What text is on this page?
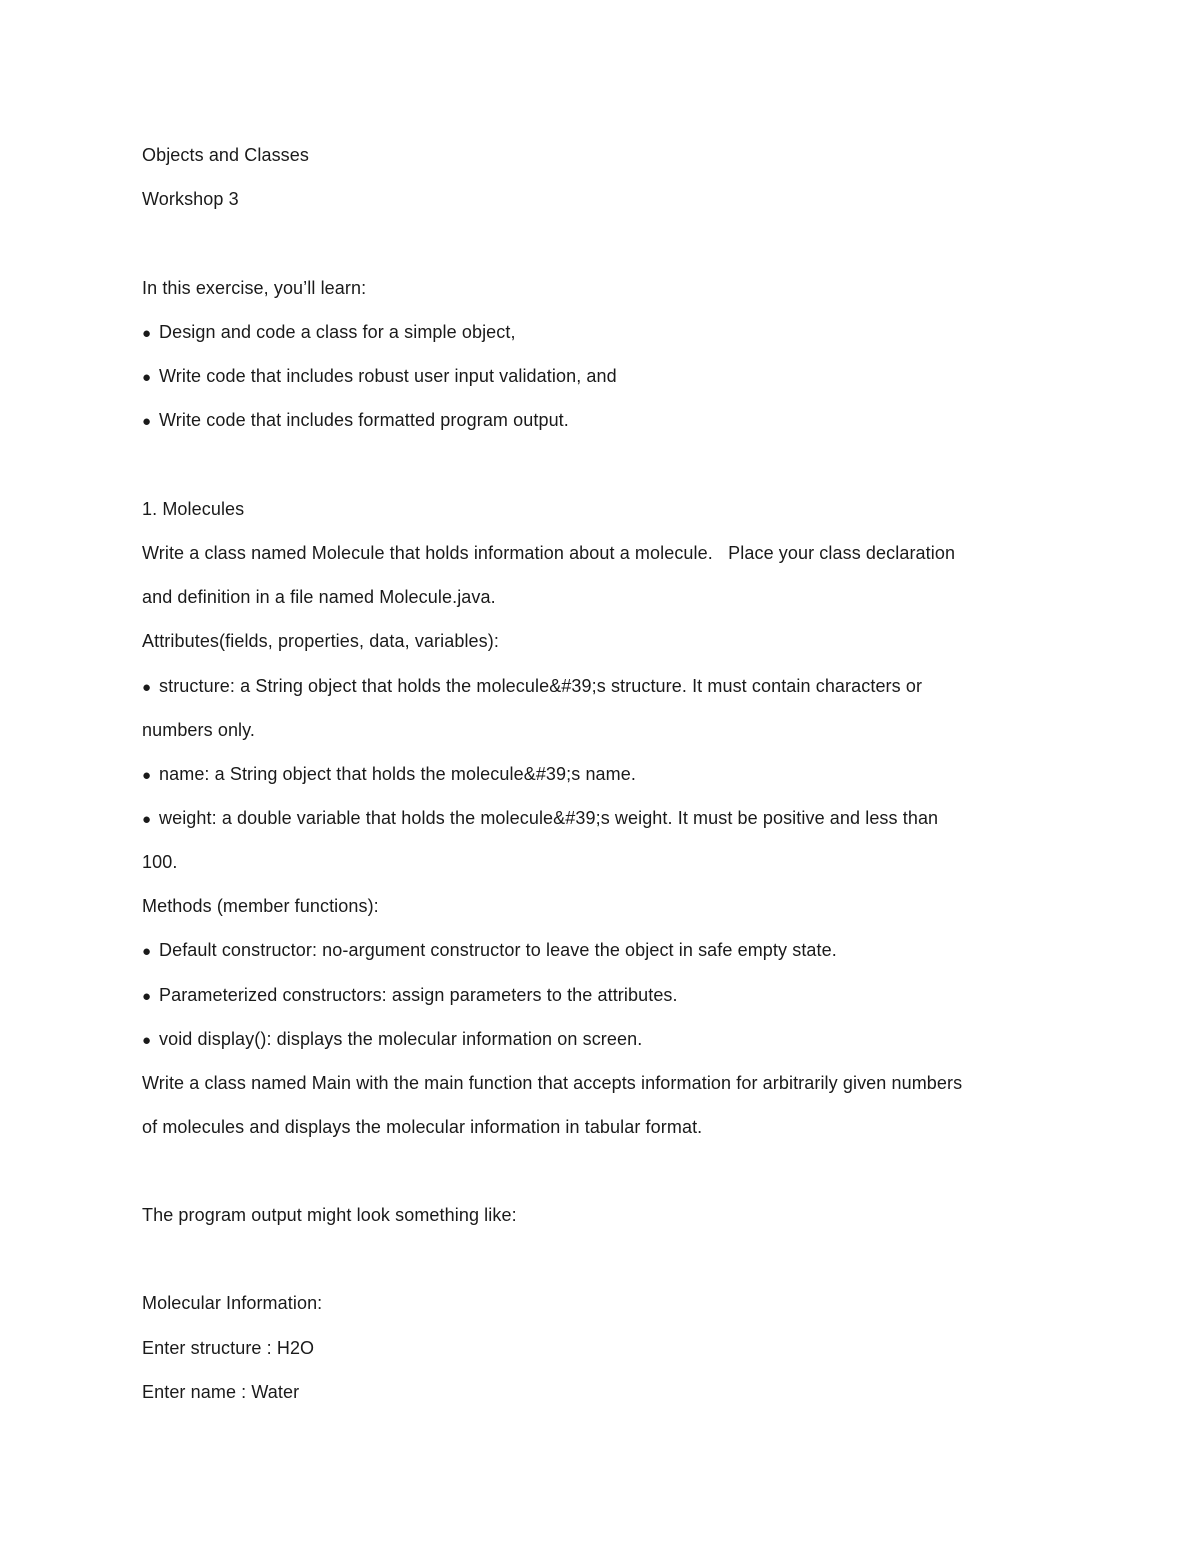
Objects and Classes
Workshop 3
In this exercise, you’ll learn:
● Design and code a class for a simple object,
● Write code that includes robust user input validation, and
● Write code that includes formatted program output.
1. Molecules
Write a class named Molecule that holds information about a molecule.   Place your class declaration
and definition in a file named Molecule.java.
Attributes(fields, properties, data, variables):
● structure: a String object that holds the molecule&#39;s structure. It must contain characters or
numbers only.
● name: a String object that holds the molecule&#39;s name.
● weight: a double variable that holds the molecule&#39;s weight. It must be positive and less than
100.
Methods (member functions):
● Default constructor: no-argument constructor to leave the object in safe empty state.
● Parameterized constructors: assign parameters to the attributes.
● void display(): displays the molecular information on screen.
Write a class named Main with the main function that accepts information for arbitrarily given numbers
of molecules and displays the molecular information in tabular format.
The program output might look something like:
Molecular Information:
Enter structure : H2O
Enter name : Water
